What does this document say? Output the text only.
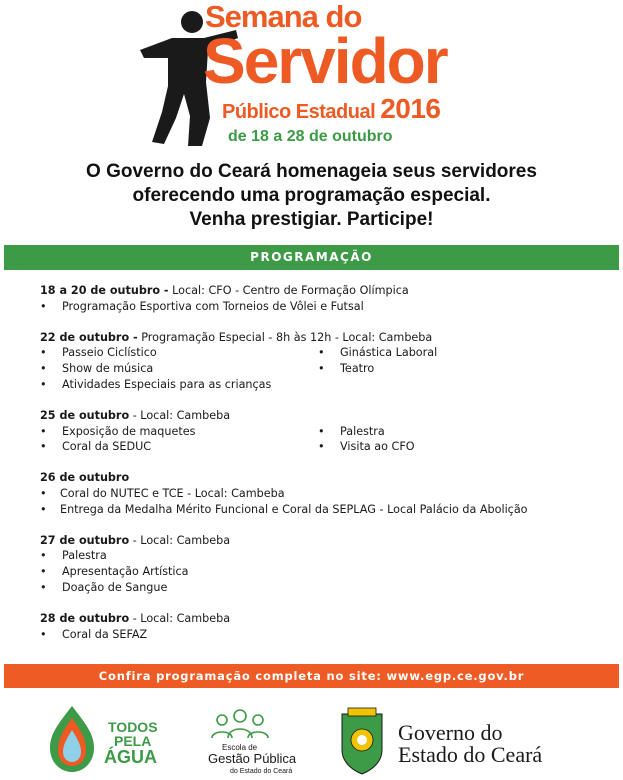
Semana do
Servidor
Público Estadual 2016
de 18 a 28 de outubro
O Governo do Ceará homenageia seus servidores
oferecendo uma programação especial.
Venha prestigiar. Participe!
PROGRAMAÇÃO
18 a 20 de outubro - Local: CFO - Centro de Formação Olímpica
• Programação Esportiva com Torneios de Vôlei e Futsal
22 de outubro - Programação Especial - 8h às 12h - Local: Cambeba
• Passeio Ciclístico	• Ginástica Laboral
• Show de música	• Teatro
• Atividades Especiais para as crianças
25 de outubro - Local: Cambeba
• Exposição de maquetes	• Palestra
• Coral da SEDUC	• Visita ao CFO
26 de outubro
• Coral do NUTEC e TCE - Local: Cambeba
• Entrega da Medalha Mérito Funcional e Coral da SEPLAG - Local Palácio da Abolição
27 de outubro - Local: Cambeba
• Palestra
• Apresentação Artística
• Doação de Sangue
28 de outubro - Local: Cambeba
• Coral da SEFAZ
Confira programação completa no site: www.egp.ce.gov.br
TODOS
PELA
ÁGUA	Escola de
Gestão Pública
do Estado do Ceará
Governo do
Estado do Ceará
